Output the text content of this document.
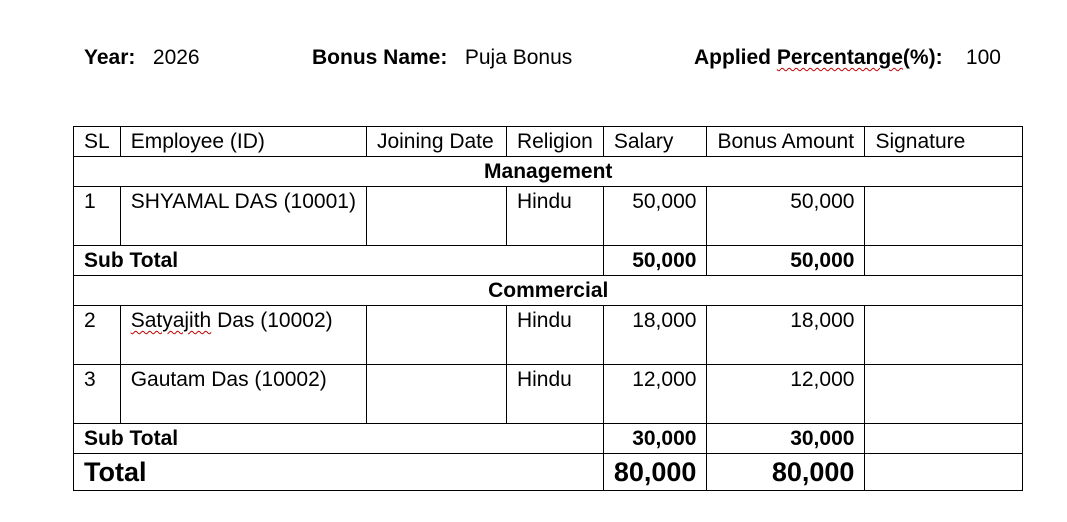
Year: 2026	Bonus Name: Puja Bonus	Applied Percentange(%): 100
SL	Employee (ID)	Joining Date	Religion	Salary	Bonus Amount	Signature
Management						
1	SHYAMAL DAS (10001)		Hindu	50,000	50,000	
Sub Total				50,000	50,000	
Commercial						
2	Satyajith Das (10002)		Hindu	18,000	18,000	
3	Gautam Das (10002)		Hindu	12,000	12,000	
Sub Total				30,000	30,000	
Total				80,000	80,000	
